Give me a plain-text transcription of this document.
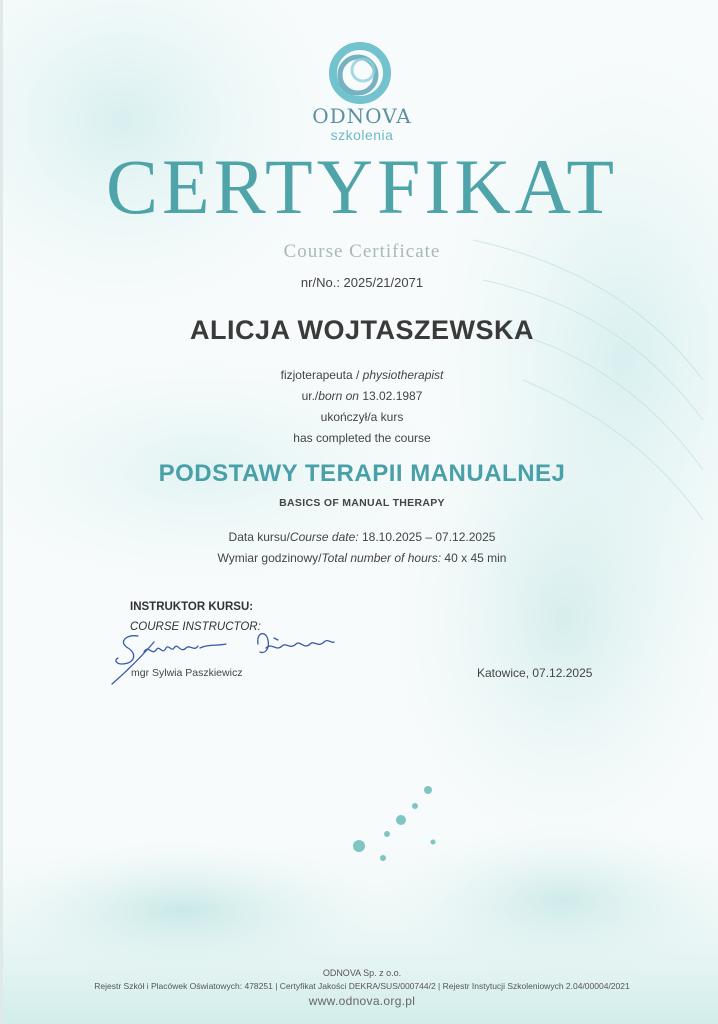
ODNOVA
szkolenia
CERTYFIKAT
Course Certificate
nr/No.: 2025/21/2071
ALICJA WOJTASZEWSKA
fizjoterapeuta / physiotherapist
ur./born on 13.02.1987
ukończył/a kurs
has completed the course
PODSTAWY TERAPII MANUALNEJ
BASICS OF MANUAL THERAPY
Data kursu/Course date: 18.10.2025 – 07.12.2025
Wymiar godzinowy/Total number of hours: 40 x 45 min
INSTRUKTOR KURSU:
COURSE INSTRUCTOR:
mgr Sylwia Paszkiewicz	Katowice, 07.12.2025
ODNOVA Sp. z o.o.
Rejestr Szkół i Placówek Oświatowych: 478251 | Certyfikat Jakości DEKRA/SUS/000744/2 | Rejestr Instytucji Szkoleniowych 2.04/00004/2021
www.odnova.org.pl
